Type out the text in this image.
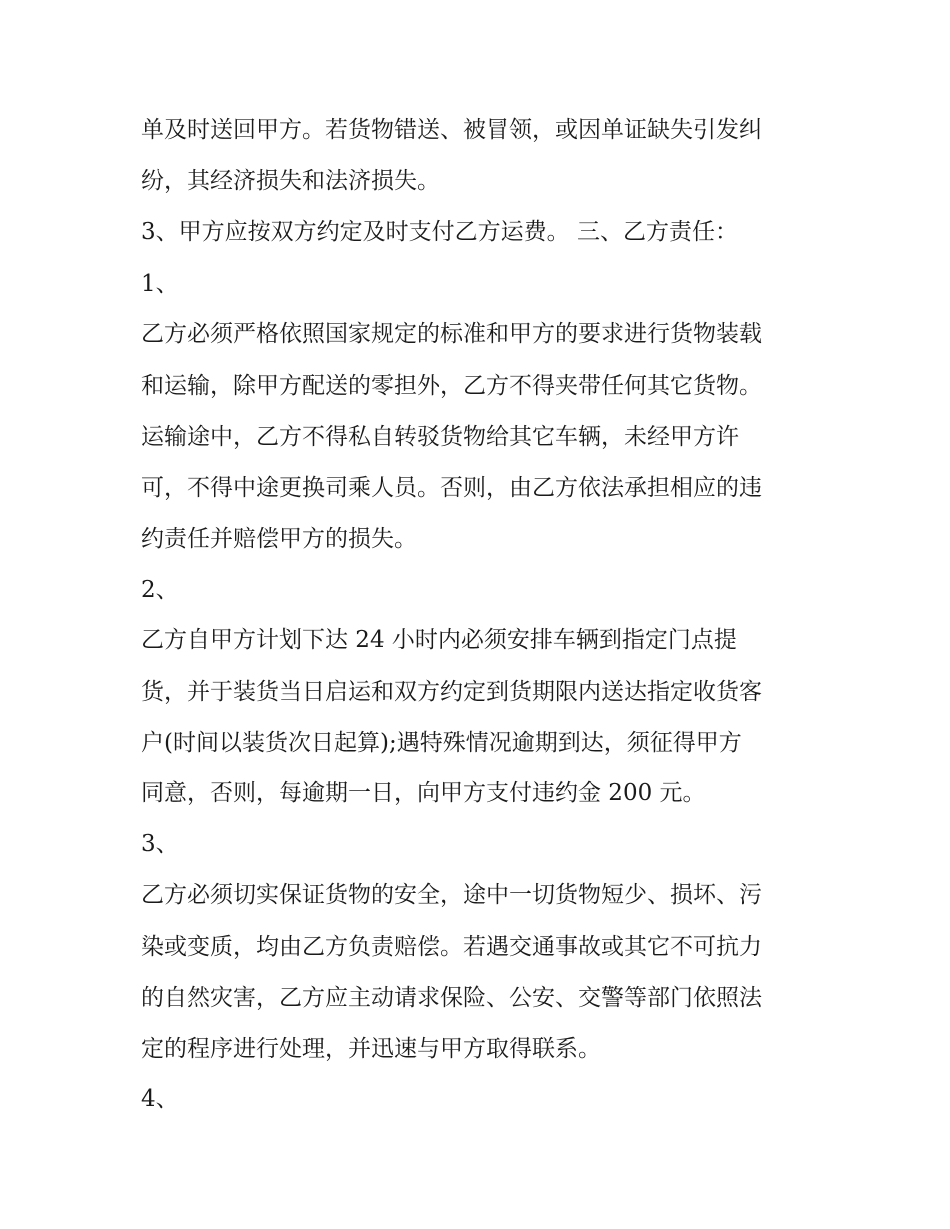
单及时送回甲方。若货物错送、被冒领，或因单证缺失引发纠

纷，其经济损失和法济损失。

3、甲方应按双方约定及时支付乙方运费。 三、乙方责任：

1、

乙方必须严格依照国家规定的标准和甲方的要求进行货物装载

和运输，除甲方配送的零担外，乙方不得夹带任何其它货物。

运输途中，乙方不得私自转驳货物给其它车辆，未经甲方许

可，不得中途更换司乘人员。否则，由乙方依法承担相应的违

约责任并赔偿甲方的损失。

2、

乙方自甲方计划下达 24 小时内必须安排车辆到指定门点提

货，并于装货当日启运和双方约定到货期限内送达指定收货客

户(时间以装货次日起算);遇特殊情况逾期到达，须征得甲方

同意，否则，每逾期一日，向甲方支付违约金 200 元。

3、

乙方必须切实保证货物的安全，途中一切货物短少、损坏、污

染或变质，均由乙方负责赔偿。若遇交通事故或其它不可抗力

的自然灾害，乙方应主动请求保险、公安、交警等部门依照法

定的程序进行处理，并迅速与甲方取得联系。

4、
